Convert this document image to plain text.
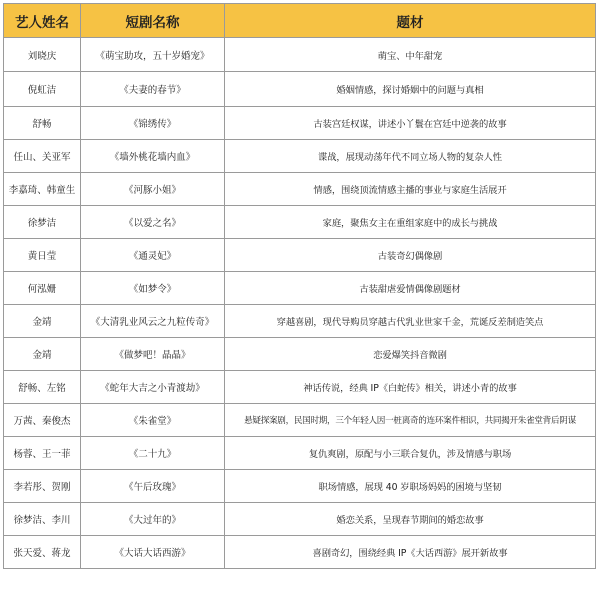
艺人姓名	短剧名称	题材
刘晓庆	《萌宝助攻，五十岁婚宠》	萌宝、中年甜宠
倪虹洁	《夫妻的春节》	婚姻情感，探讨婚姻中的问题与真相
舒畅	《锦绣传》	古装宫廷权谋，讲述小丫鬟在宫廷中逆袭的故事
任山、关亚军	《墙外桃花墙内血》	谍战，展现动荡年代不同立场人物的复杂人性
李嘉琦、韩童生	《河豚小姐》	情感，围绕顶流情感主播的事业与家庭生活展开
徐梦洁	《以爱之名》	家庭，聚焦女主在重组家庭中的成长与挑战
黄日莹	《通灵妃》	古装奇幻偶像剧
何泓姗	《如梦令》	古装甜虐爱情偶像剧题材
金靖	《大清乳业风云之九粒传奇》	穿越喜剧，现代导购员穿越古代乳业世家千金，荒诞反差制造笑点
金靖	《做梦吧！晶晶》	恋爱爆笑抖音微剧
舒畅、左铭	《蛇年大吉之小青渡劫》	神话传说，经典 IP《白蛇传》相关，讲述小青的故事
万茜、秦俊杰	《朱雀堂》	悬疑探案剧，民国时期，三个年轻人因一桩离奇的连环案件相识，共同揭开朱雀堂背后阴谋
杨蓉、王一菲	《二十九》	复仇爽剧，原配与小三联合复仇，涉及情感与职场
李若彤、贺刚	《午后玫瑰》	职场情感，展现 40 岁职场妈妈的困境与坚韧
徐梦洁、李川	《大过年的》	婚恋关系，呈现春节期间的婚恋故事
张天爱、蒋龙	《大话大话西游》	喜剧奇幻，围绕经典 IP《大话西游》展开新故事
